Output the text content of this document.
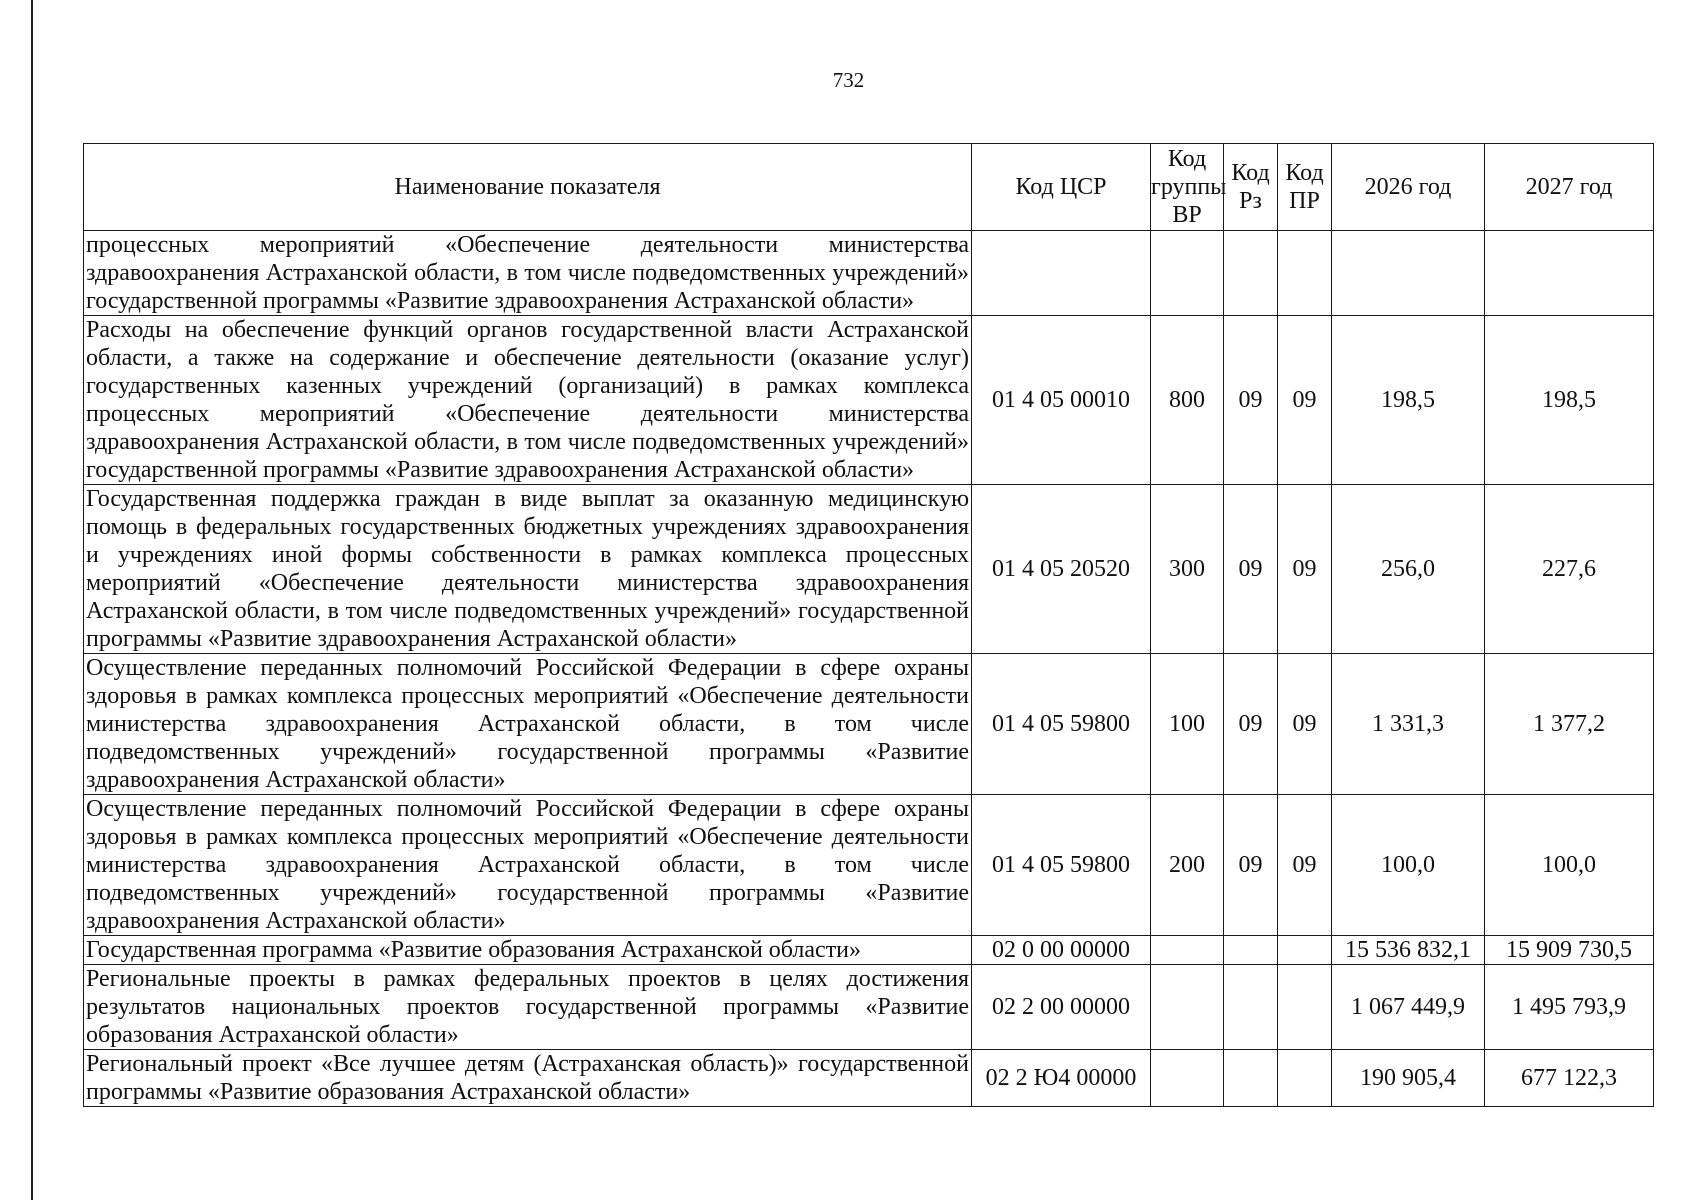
732
Наименование показателя	Код ЦСР	Код группы ВР	Код Рз	Код ПР	2026 год	2027 год
процессных мероприятий «Обеспечение деятельности министерства здравоохранения Астраханской области, в том числе подведомственных учреждений» государственной программы «Развитие здравоохранения Астраханской области»						
Расходы на обеспечение функций органов государственной власти Астраханской области, а также на содержание и обеспечение деятельности (оказание услуг) государственных казенных учреждений (организаций) в рамках комплекса процессных мероприятий «Обеспечение деятельности министерства здравоохранения Астраханской области, в том числе подведомственных учреждений» государственной программы «Развитие здравоохранения Астраханской области»	01 4 05 00010	800	09	09	198,5	198,5
Государственная поддержка граждан в виде выплат за оказанную медицинскую помощь в федеральных государственных бюджетных учреждениях здравоохранения и учреждениях иной формы собственности в рамках комплекса процессных мероприятий «Обеспечение деятельности министерства здравоохранения Астраханской области, в том числе подведомственных учреждений» государственной программы «Развитие здравоохранения Астраханской области»	01 4 05 20520	300	09	09	256,0	227,6
Осуществление переданных полномочий Российской Федерации в сфере охраны здоровья в рамках комплекса процессных мероприятий «Обеспечение деятельности министерства здравоохранения Астраханской области, в том числе подведомственных учреждений» государственной программы «Развитие здравоохранения Астраханской области»	01 4 05 59800	100	09	09	1 331,3	1 377,2
Осуществление переданных полномочий Российской Федерации в сфере охраны здоровья в рамках комплекса процессных мероприятий «Обеспечение деятельности министерства здравоохранения Астраханской области, в том числе подведомственных учреждений» государственной программы «Развитие здравоохранения Астраханской области»	01 4 05 59800	200	09	09	100,0	100,0
Государственная программа «Развитие образования Астраханской области»	02 0 00 00000				15 536 832,1	15 909 730,5
Региональные проекты в рамках федеральных проектов в целях достижения результатов национальных проектов государственной программы «Развитие образования Астраханской области»	02 2 00 00000				1 067 449,9	1 495 793,9
Региональный проект «Все лучшее детям (Астраханская область)» государственной программы «Развитие образования Астраханской области»	02 2 Ю4 00000				190 905,4	677 122,3
